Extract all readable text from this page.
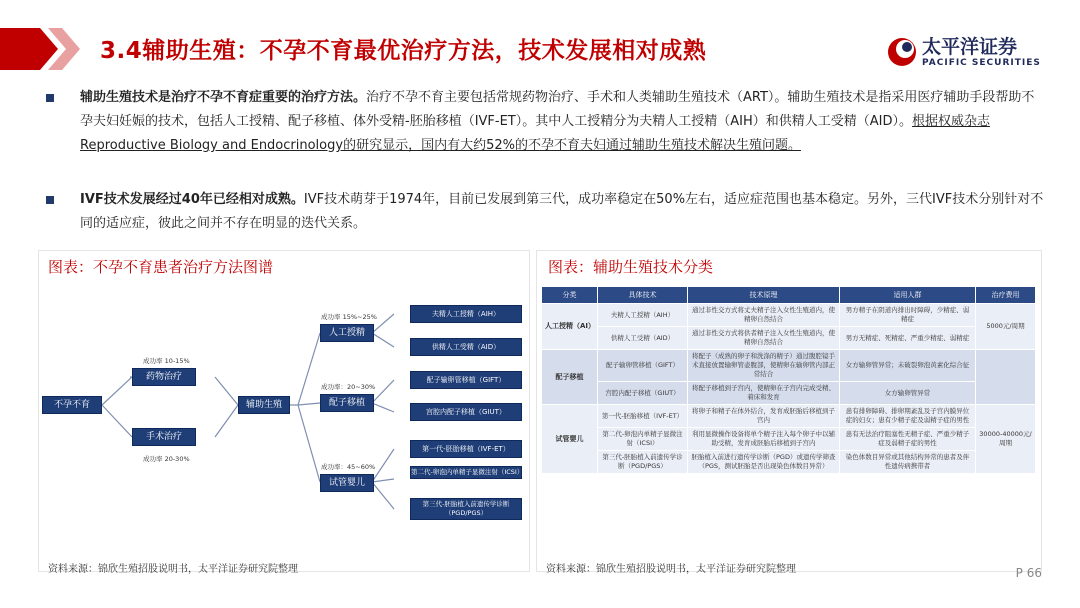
3.4辅助生殖：不孕不育最优治疗方法，技术发展相对成熟	太平洋证券
PACIFIC SECURITIES
辅助生殖技术是治疗不孕不育症重要的治疗方法。治疗不孕不育主要包括常规药物治疗、手术和人类辅助生殖技术（ART）。辅助生殖技术是指采用医疗辅助手段帮助不孕夫妇妊娠的技术，包括人工授精、配子移植、体外受精-胚胎移植（IVF-ET）。其中人工授精分为夫精人工授精（AIH）和供精人工受精（AID）。根据权威杂志Reproductive Biology and Endocrinology的研究显示，国内有大约52%的不孕不育夫妇通过辅助生殖技术解决生殖问题。
IVF技术发展经过40年已经相对成熟。IVF技术萌芽于1974年，目前已发展到第三代，成功率稳定在50%左右，适应症范围也基本稳定。另外，三代IVF技术分别针对不同的适应症，彼此之间并不存在明显的迭代关系。
图表：不孕不育患者治疗方法图谱
不孕不育
成功率 10-15%
药物治疗
手术治疗
成功率 20-30%
辅助生殖
成功率 15%~25%
人工授精
成功率：20~30%
配子移植
成功率：45~60%
试管婴儿
夫精人工授精（AIH）
供精人工受精（AID）
配子输卵管移植（GIFT）
宫腔内配子移植（GIUT）
第一代-胚胎移植（IVF-ET）
第二代-卵泡内单精子显微注射（ICSI）
第三代-胚胎植入前遗传学诊断（PGD/PGS）
资料来源：锦欣生殖招股说明书，太平洋证券研究院整理
图表：辅助生殖技术分类
分类	具体技术	技术原理	适用人群	治疗费用
人工授精（AI）	夫精人工授精（AIH）	通过非性交方式将丈夫精子注入女性生殖道内，使精卵自然结合	男方精子在阴道内排出时障碍，少精症、弱精症	5000元/周期
	供精人工受精（AID）	通过非性交方式将供者精子注入女性生殖道内，使精卵自然结合	男方无精症、死精症、严重少精症、弱精症	
配子移植	配子输卵管移植（GIFT）	将配子（成熟的卵子和洗涤的精子）通过腹腔镜手术直接放置输卵管壶腹部，使精卵在输卵管内部正常结合	女方输卵管异常；未破裂卵泡黄素化综合征	
	宫腔内配子移植（GIUT）	将配子移植到子宫内，使精卵在子宫内完成受精、着床和发育	女方输卵管异常	
试管婴儿	第一代-胚胎移植（IVF-ET）	将卵子和精子在体外结合，发育成胚胎后移植到子宫内	患有排卵障碍、排卵期紊乱及子宫内膜异位症的妇女；患有少精子症及弱精子症的男性	30000-40000元/周期
	第二代-卵泡内单精子显微注射（ICSI）	利用显微操作设备将单个精子注入每个卵子中以辅助受精，发育成胚胎后移植到子宫内	患有无法治疗阻塞性无精子症、严重少精子症及弱精子症的男性	
	第三代-胚胎植入前遗传学诊断（PGD/PGS）	胚胎植入前进行遗传学诊断（PGD）或遗传学筛查（PGS，测试胚胎是否出现染色体数目异常）	染色体数目异常或其他结构异常的患者及伴性遗传病携带者	
资料来源：锦欣生殖招股说明书，太平洋证券研究院整理	P 66
